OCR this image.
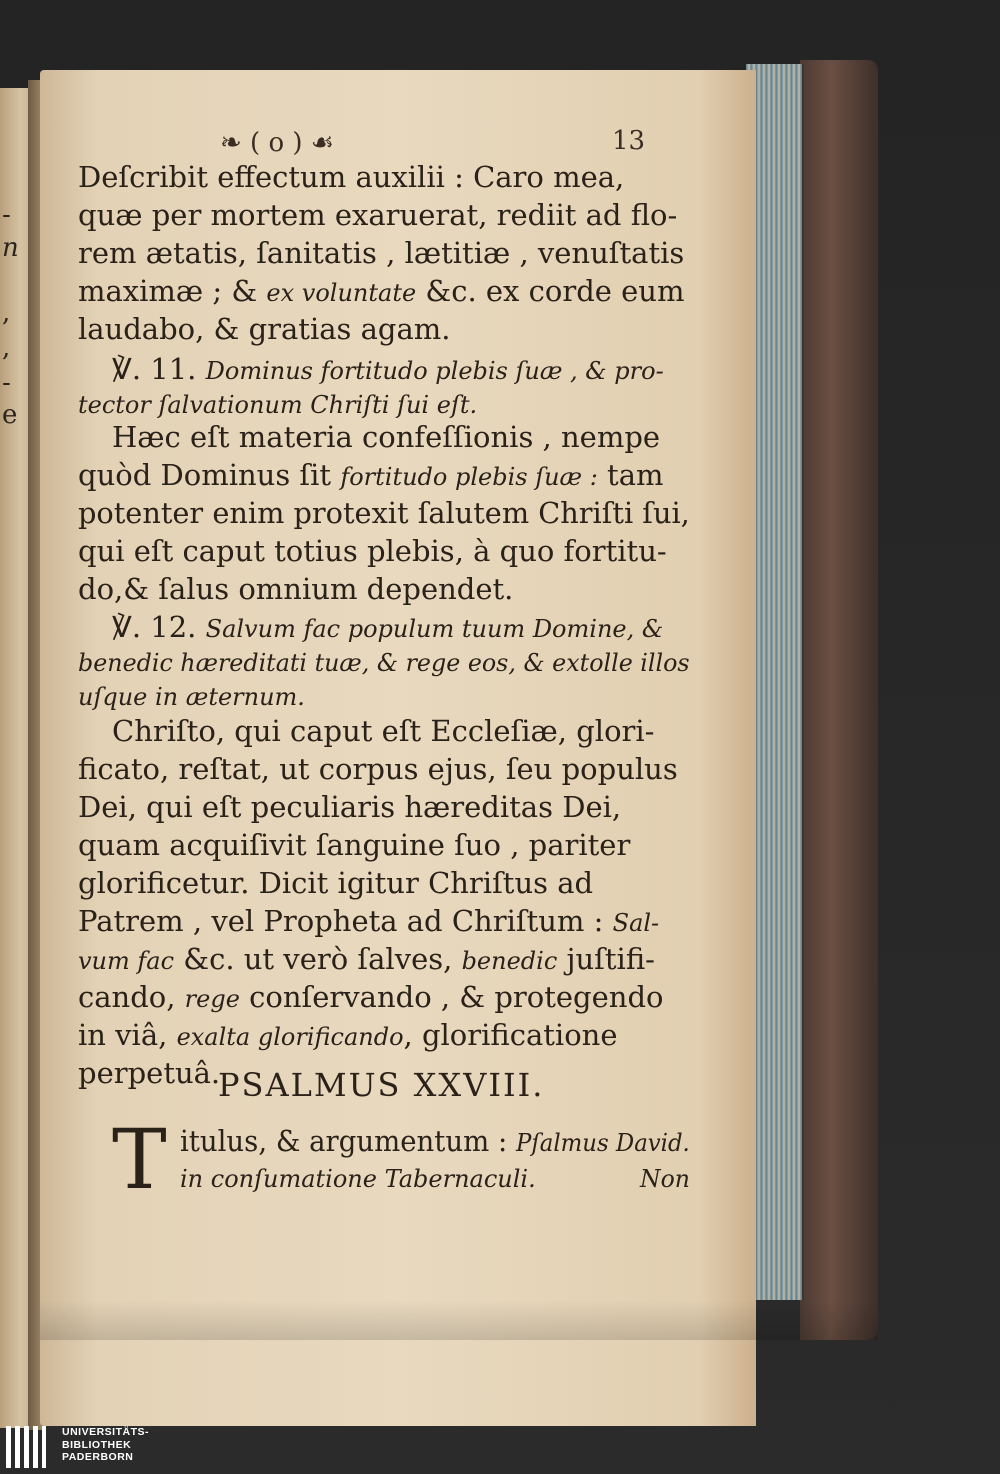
-
n
,
,
-
e
❧ ( o ) ☙	13
Deſcribit effectum auxilii : Caro mea,
quæ per mortem exaruerat, rediit ad flo-
rem ætatis, ſanitatis , lætitiæ , venuſtatis
maximæ ; & ex voluntate &c. ex corde eum
laudabo, & gratias agam.
℣. 11. Dominus fortitudo plebis ſuæ , & pro-
tector ſalvationum Chriſti ſui eſt.
Hæc eſt materia confeſſionis , nempe
quòd Dominus ſit fortitudo plebis ſuæ : tam
potenter enim protexit ſalutem Chriſti ſui,
qui eſt caput totius plebis, à quo fortitu-
do,& ſalus omnium dependet.
℣. 12. Salvum fac populum tuum Domine, &
benedic hæreditati tuæ, & rege eos, & extolle illos
uſque in æternum.
Chriſto, qui caput eſt Eccleſiæ, glori-
ficato, reſtat, ut corpus ejus, ſeu populus
Dei, qui eſt peculiaris hæreditas Dei,
quam acquiſivit ſanguine ſuo , pariter
glorificetur. Dicit igitur Chriſtus ad
Patrem , vel Propheta ad Chriſtum : Sal-
vum fac &c. ut verò ſalves, benedic juſtifi-
cando, rege conſervando , & protegendo
in viâ, exalta glorificando, glorificatione
perpetuâ.
PSALMUS XXVIII.
T itulus, & argumentum : Pſalmus David.
in conſumatione Tabernaculi.	Non
UNIVERSITÄTS-
BIBLIOTHEK
PADERBORN
